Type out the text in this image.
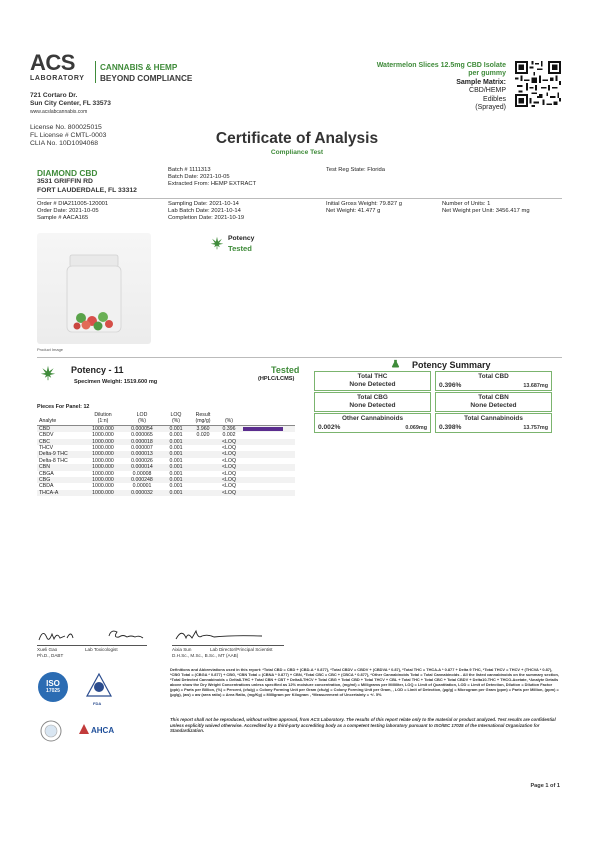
ACS
LABORATORY
CANNABIS & HEMP
BEYOND COMPLIANCE
721 Cortaro Dr.
Sun City Center, FL 33573
www.acslabcannabis.com
License No. 800025015
FL License # CMTL-0003
CLIA No. 10D1094068
Watermelon Slices 12.5mg CBD Isolate
per gummy
Sample Matrix:
CBD/HEMP
Edibles
(Sprayed)
Certificate of Analysis
Compliance Test
DIAMOND CBD
3531 GRIFFIN RD
FORT LAUDERDALE, FL 33312
Batch # 1111313
Batch Date: 2021-10-05
Extracted From: HEMP EXTRACT
Test Reg State: Florida
Order # DIA211005-120001
Order Date: 2021-10-05
Sample # AACA165
Sampling Date: 2021-10-14
Lab Batch Date: 2021-10-14
Completion Date: 2021-10-19
Initial Gross Weight: 79.827 g
Net Weight: 41.477 g
Number of Units: 1
Net Weight per Unit: 3456.417 mg
Product Image
Potency
Tested
Potency - 11
Specimen Weight: 1519.600 mg
Tested
(HPLC/LCMS)
Pieces For Panel: 12
	Dilution	LOD	LOQ	Result		
Analyte	(1:n)	(%)	(%)	(mg/g)	(%)	
CBD	1000.000	0.000054	0.001	3.960	0.396	

CBDV	1000.000	0.000065	0.001	0.020	0.002	
CBC	1000.000	0.000018	0.001		<LOQ	
THCV	1000.000	0.000007	0.001		<LOQ	
Delta-9 THC	1000.000	0.000013	0.001		<LOQ	
Delta-8 THC	1000.000	0.000026	0.001		<LOQ	
CBN	1000.000	0.000014	0.001		<LOQ	
CBGA	1000.000	0.00008	0.001		<LOQ	
CBG	1000.000	0.000248	0.001		<LOQ	
CBDA	1000.000	0.00001	0.001		<LOQ	
THCA-A	1000.000	0.000032	0.001		<LOQ	
Potency Summary
Total THC
None Detected
Total CBD
0.396%	13.687mg
Total CBG
None Detected
Total CBN
None Detected
Other Cannabinoids
0.002%	0.069mg
Total Cannabinoids
0.398%	13.757mg
Xueli Gao
Ph.D., DABT
Lab Toxicologist	Aixia Sun
D.H.Sc., M.Sc., B.Sc., MT (AAB)
Lab Director/Principal Scientist
ISO
17025
FDA
AHCA
Definitions and Abbreviations used in this report: *Total CBD = CBD + (CBD-A * 0.877), *Total CBDV = CBDV + (CBDVA * 0.87), *Total THC = THCA-A * 0.877 + Delta 9 THC, *Total THCV = THCV + (THCVA * 0.87), *CBG Total = (CBGA * 0.877) + CBG, *CBN Total = (CBNA * 0.877) + CBN, *Total CBC = CBC + (CBCA * 0.877), *Other Cannabinoids Total = Total Cannabinoids - All the listed cannabinoids on the summary section, *Total Detected Cannabinoids = Delta8-THC + Total CBN + CBT + Delta8-THCV + Total CBG + Total CBD + Total THCV + CBL + Total THC + Total CBC + Total CBDV + Delta10-THC + THCO-Acetate, *Analyte Details above show the Dry Weight Concentrations unless specified as 12% moisture concentration, (mg/ml) = Milligrams per Milliliter, LOQ = Limit of Quantitation, LOD = Limit of Detection, Dilution = Dilution Factor (ppb) = Parts per Billion, (%) = Percent, (cfu/g) = Colony Forming Unit per Gram (cfu/g) = Colony Forming Unit per Gram, , LOD = Limit of Detection, (µg/g) = Microgram per Gram (ppm) = Parts per Million, (ppm) = (µg/g), (aw) = aw (area ratio) = Area Ratio, (mg/Kg) = Milligram per Kilogram , *Measurement of Uncertainty = +/- 5%
This report shall not be reproduced, without written approval, from ACS Laboratory. The results of this report relate only to the material or product analyzed. Test results are confidential unless explicitly waived otherwise. Accredited by a third-party accrediting body as a competent testing laboratory pursuant to ISO/IEC 17025 of the International Organization for Standardization.
Page 1 of 1
